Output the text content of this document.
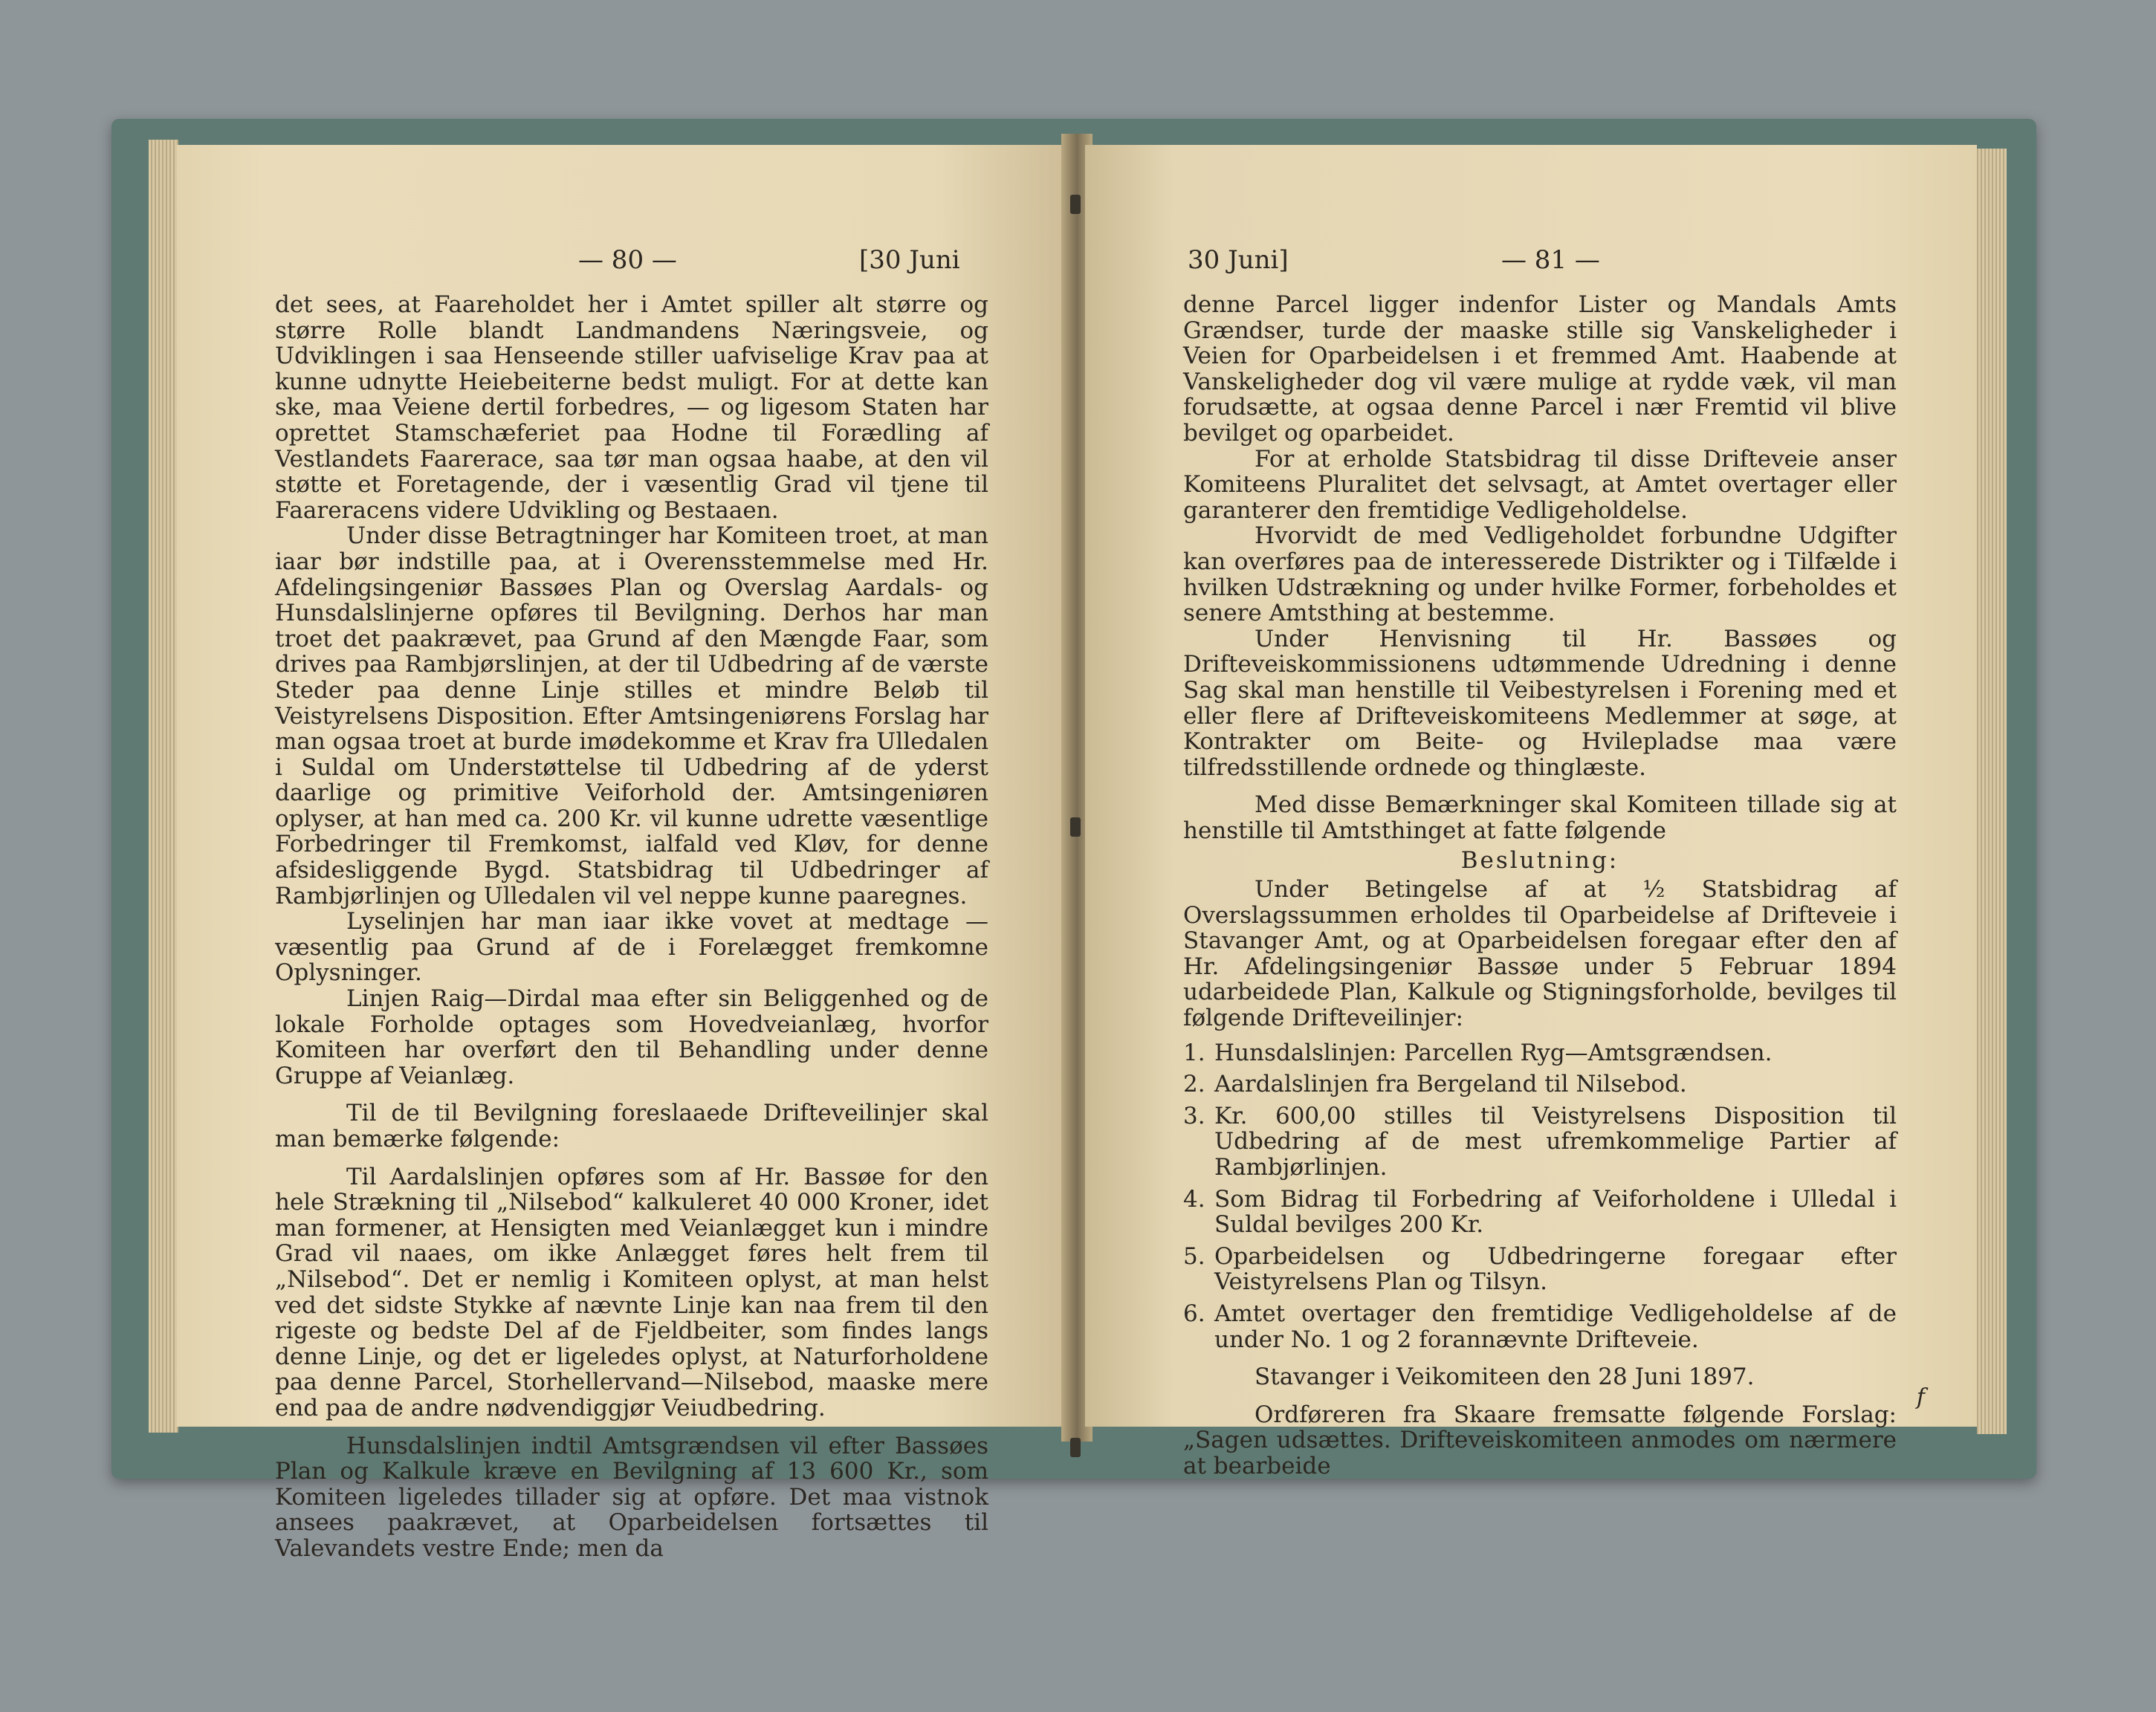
— 80 —	[30 Juni

det sees, at Faareholdet her i Amtet spiller alt større og større Rolle blandt Landmandens Næringsveie, og Udviklingen i saa Henseende stiller uafviselige Krav paa at kunne udnytte Heiebeiterne bedst muligt. For at dette kan ske, maa Veiene dertil forbedres, — og ligesom Staten har oprettet Stamschæferiet paa Hodne til Forædling af Vestlandets Faarerace, saa tør man ogsaa haabe, at den vil støtte et Foretagende, der i væsentlig Grad vil tjene til Faareracens videre Udvikling og Bestaaen.

Under disse Betragtninger har Komiteen troet, at man iaar bør indstille paa, at i Overensstemmelse med Hr. Afdelingsingeniør Bassøes Plan og Overslag Aardals- og Hunsdalslinjerne opføres til Bevilgning. Derhos har man troet det paakrævet, paa Grund af den Mængde Faar, som drives paa Rambjørslinjen, at der til Udbedring af de værste Steder paa denne Linje stilles et mindre Beløb til Veistyrelsens Disposition. Efter Amtsingeniørens Forslag har man ogsaa troet at burde imødekomme et Krav fra Ulledalen i Suldal om Understøttelse til Udbedring af de yderst daarlige og primitive Veiforhold der. Amtsingeniøren oplyser, at han med ca. 200 Kr. vil kunne udrette væsentlige Forbedringer til Fremkomst, ialfald ved Kløv, for denne afsidesliggende Bygd. Statsbidrag til Udbedringer af Rambjørlinjen og Ulledalen vil vel neppe kunne paaregnes.

Lyselinjen har man iaar ikke vovet at medtage — væsentlig paa Grund af de i Forelægget fremkomne Oplysninger.

Linjen Raig—Dirdal maa efter sin Beliggenhed og de lokale Forholde optages som Hovedveianlæg, hvorfor Komiteen har overført den til Behandling under denne Gruppe af Veianlæg.

Til de til Bevilgning foreslaaede Drifteveilinjer skal man bemærke følgende:

Til Aardalslinjen opføres som af Hr. Bassøe for den hele Strækning til „Nilsebod“ kalkuleret 40 000 Kroner, idet man formener, at Hensigten med Veianlægget kun i mindre Grad vil naaes, om ikke Anlægget føres helt frem til „Nilsebod“. Det er nemlig i Komiteen oplyst, at man helst ved det sidste Stykke af nævnte Linje kan naa frem til den rigeste og bedste Del af de Fjeldbeiter, som findes langs denne Linje, og det er ligeledes oplyst, at Naturforholdene paa denne Parcel, Storhellervand—Nilsebod, maaske mere end paa de andre nødvendiggjør Veiudbedring.

Hunsdalslinjen indtil Amtsgrændsen vil efter Bassøes Plan og Kalkule kræve en Bevilgning af 13 600 Kr., som Komiteen ligeledes tillader sig at opføre. Det maa vistnok ansees paakrævet, at Oparbeidelsen fortsættes til Valevandets vestre Ende; men da

30 Juni]	— 81 —

denne Parcel ligger indenfor Lister og Mandals Amts Grændser, turde der maaske stille sig Vanskeligheder i Veien for Oparbeidelsen i et fremmed Amt. Haabende at Vanskeligheder dog vil være mulige at rydde væk, vil man forudsætte, at ogsaa denne Parcel i nær Fremtid vil blive bevilget og oparbeidet.

For at erholde Statsbidrag til disse Drifteveie anser Komiteens Pluralitet det selvsagt, at Amtet overtager eller garanterer den fremtidige Vedligeholdelse.

Hvorvidt de med Vedligeholdet forbundne Udgifter kan overføres paa de interesserede Distrikter og i Tilfælde i hvilken Udstrækning og under hvilke Former, forbeholdes et senere Amtsthing at bestemme.

Under Henvisning til Hr. Bassøes og Drifteveiskommissionens udtømmende Udredning i denne Sag skal man henstille til Veibestyrelsen i Forening med et eller flere af Drifteveiskomiteens Medlemmer at søge, at Kontrakter om Beite- og Hvilepladse maa være tilfredsstillende ordnede og thinglæste.

Med disse Bemærkninger skal Komiteen tillade sig at henstille til Amtsthinget at fatte følgende

Beslutning:

Under Betingelse af at ½ Statsbidrag af Overslagssummen erholdes til Oparbeidelse af Drifteveie i Stavanger Amt, og at Oparbeidelsen foregaar efter den af Hr. Afdelingsingeniør Bassøe under 5 Februar 1894 udarbeidede Plan, Kalkule og Stigningsforholde, bevilges til følgende Drifteveilinjer:

1. Hunsdalslinjen: Parcellen Ryg—Amtsgrændsen.
2. Aardalslinjen fra Bergeland til Nilsebod.
3. Kr. 600,00 stilles til Veistyrelsens Disposition til Udbedring af de mest ufremkommelige Partier af Rambjørlinjen.
4. Som Bidrag til Forbedring af Veiforholdene i Ulledal i Suldal bevilges 200 Kr.
5. Oparbeidelsen og Udbedringerne foregaar efter Veistyrelsens Plan og Tilsyn.
6. Amtet overtager den fremtidige Vedligeholdelse af de under No. 1 og 2 forannævnte Drifteveie.

Stavanger i Veikomiteen den 28 Juni 1897.

Ordføreren fra Skaare fremsatte følgende Forslag: „Sagen udsættes. Drifteveiskomiteen anmodes om nærmere at bearbeide

f
